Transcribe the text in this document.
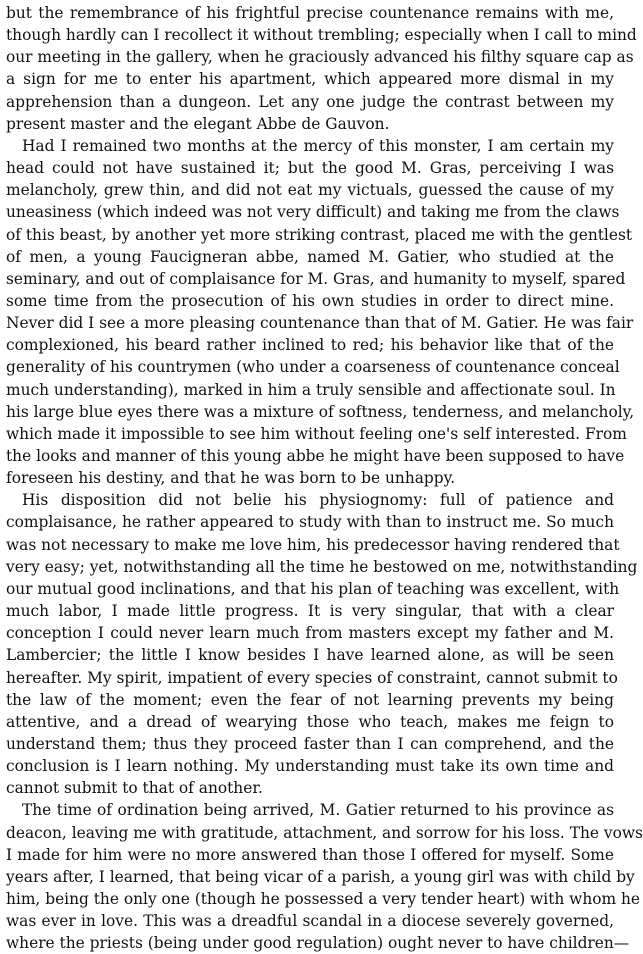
but the remembrance of his frightful precise countenance remains with me,
though hardly can I recollect it without trembling; especially when I call to mind
our meeting in the gallery, when he graciously advanced his filthy square cap as
a sign for me to enter his apartment, which appeared more dismal in my
apprehension than a dungeon. Let any one judge the contrast between my
present master and the elegant Abbe de Gauvon.
Had I remained two months at the mercy of this monster, I am certain my
head could not have sustained it; but the good M. Gras, perceiving I was
melancholy, grew thin, and did not eat my victuals, guessed the cause of my
uneasiness (which indeed was not very difficult) and taking me from the claws
of this beast, by another yet more striking contrast, placed me with the gentlest
of men, a young Faucigneran abbe, named M. Gatier, who studied at the
seminary, and out of complaisance for M. Gras, and humanity to myself, spared
some time from the prosecution of his own studies in order to direct mine.
Never did I see a more pleasing countenance than that of M. Gatier. He was fair
complexioned, his beard rather inclined to red; his behavior like that of the
generality of his countrymen (who under a coarseness of countenance conceal
much understanding), marked in him a truly sensible and affectionate soul. In
his large blue eyes there was a mixture of softness, tenderness, and melancholy,
which made it impossible to see him without feeling one's self interested. From
the looks and manner of this young abbe he might have been supposed to have
foreseen his destiny, and that he was born to be unhappy.
His disposition did not belie his physiognomy: full of patience and
complaisance, he rather appeared to study with than to instruct me. So much
was not necessary to make me love him, his predecessor having rendered that
very easy; yet, notwithstanding all the time he bestowed on me, notwithstanding
our mutual good inclinations, and that his plan of teaching was excellent, with
much labor, I made little progress. It is very singular, that with a clear
conception I could never learn much from masters except my father and M.
Lambercier; the little I know besides I have learned alone, as will be seen
hereafter. My spirit, impatient of every species of constraint, cannot submit to
the law of the moment; even the fear of not learning prevents my being
attentive, and a dread of wearying those who teach, makes me feign to
understand them; thus they proceed faster than I can comprehend, and the
conclusion is I learn nothing. My understanding must take its own time and
cannot submit to that of another.
The time of ordination being arrived, M. Gatier returned to his province as
deacon, leaving me with gratitude, attachment, and sorrow for his loss. The vows
I made for him were no more answered than those I offered for myself. Some
years after, I learned, that being vicar of a parish, a young girl was with child by
him, being the only one (though he possessed a very tender heart) with whom he
was ever in love. This was a dreadful scandal in a diocese severely governed,
where the priests (being under good regulation) ought never to have children—
